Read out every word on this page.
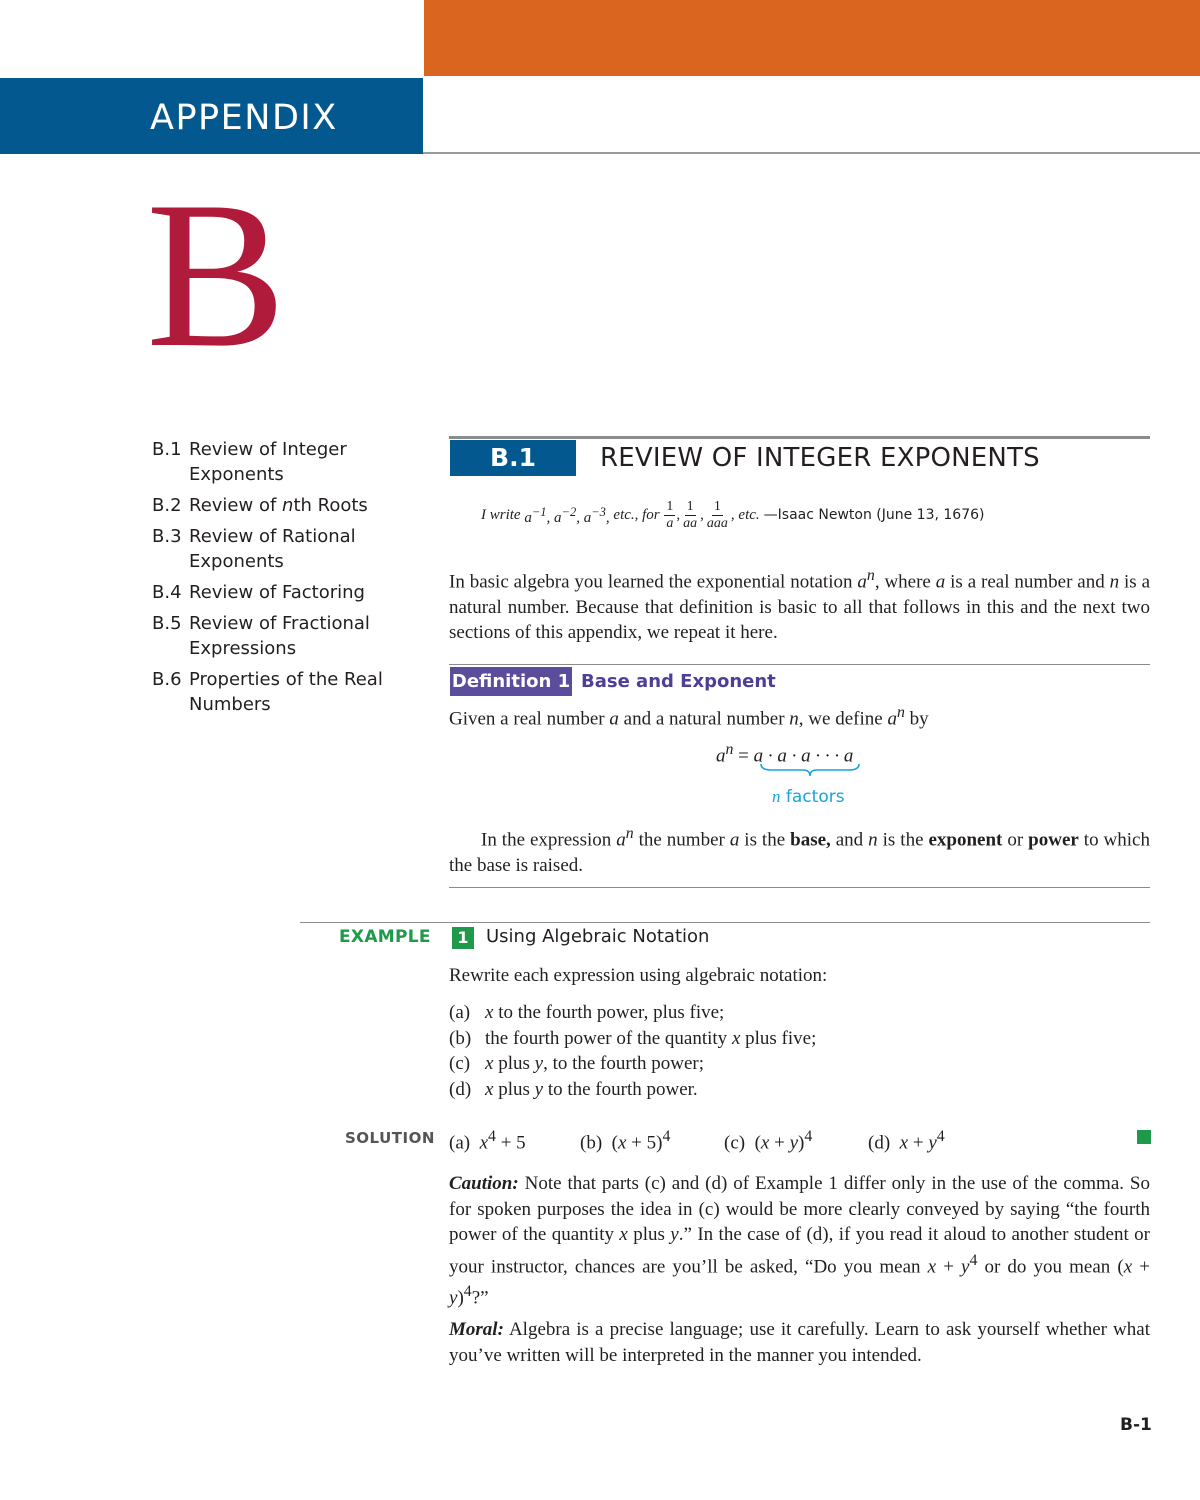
APPENDIX
B
B.1 Review of Integer Exponents
B.2 Review of nth Roots
B.3 Review of Rational Exponents
B.4 Review of Factoring
B.5 Review of Fractional Expressions
B.6 Properties of the Real Numbers
B.1	REVIEW OF INTEGER EXPONENTS
I write
$a^{-1}$, $a^{-2}$, $a^{-3}$,
etc., for
$\frac{1}{a}$ , $\frac{1}{aa}$ , $\frac{1}{\text{aaa}}$ , etc. —Isaac Newton (June 13, 1676)
In basic algebra you learned the exponential notation $a^n$, where a is a real number and n is a natural number. Because that definition is basic to all that follows in this and the next two sections of this appendix, we repeat it here.
Definition 1 Base and Exponent
Given a real number a and a natural number n, we define $a^n$ by
$a^n = a \cdot a \cdot a$ · · · a
n factors
In the expression $a^n$ the number a is the base, and n is the exponent or power to which the base is raised.
EXAMPLE	1 Using Algebraic Notation
Rewrite each expression using algebraic notation:
(a) x to the fourth power, plus five;
(b) the fourth power of the quantity x plus five;
(c) x plus y, to the fourth power;
(d) x plus y to the fourth power.
SOLUTION (a) $x^4 + 5$	(b) $(x + 5)^4$	(c) $(x + y)^4$	(d) $x + y^4$
Caution: Note that parts (c) and (d) of Example 1 differ only in the use of the comma. So for spoken purposes the idea in (c) would be more clearly conveyed by saying “the fourth power of the quantity x plus y.” In the case of (d), if you read it aloud to another student or your instructor, chances are you’ll be asked, “Do you mean $x + y^4$ or do you mean $(x + y)^4$?”
Moral: Algebra is a precise language; use it carefully. Learn to ask yourself whether what you’ve written will be interpreted in the manner you intended.
B-1
